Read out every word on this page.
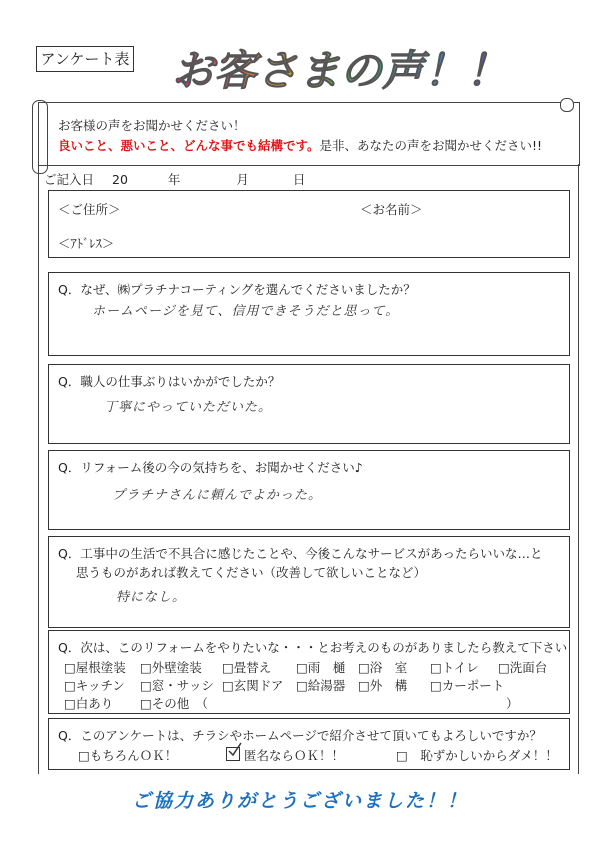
アンケート表 お客さまの声！！
お客様の声をお聞かせください！
良いこと、悪いこと、どんな事でも結構です。是非、あなたの声をお聞かせください!!
ご記入日 20	年	月	日
＜ご住所＞	＜お名前＞
＜ｱﾄﾞﾚｽ＞
Q．なぜ、㈱プラチナコーティングを選んでくださいましたか？
ホームページを見て、信用できそうだと思って。
Q．職人の仕事ぶりはいかがでしたか？
丁寧にやっていただいた。
Q．リフォーム後の今の気持ちを、お聞かせください♪
プラチナさんに頼んでよかった。
Q．工事中の生活で不具合に感じたことや、今後こんなサービスがあったらいいな…と
思うものがあれば教えてください（改善して欲しいことなど）
特になし。
Q．次は、このリフォームをやりたいな・・・とお考えのものがありましたら教えて下さい
□屋根塗装 □外壁塗装 □畳替え □雨　樋 □浴　室 □トイレ □洗面台
□キッチン □窓・サッシ □玄関ドア □給湯器 □外　構 □カーポート
□白あり □その他　（	）
Q．このアンケートは、チラシやホームページで紹介させて頂いてもよろしいですか？
□もちろんＯＫ！	匿名ならＯＫ！！	□　恥ずかしいからダメ！！
ご協力ありがとうございました！！
